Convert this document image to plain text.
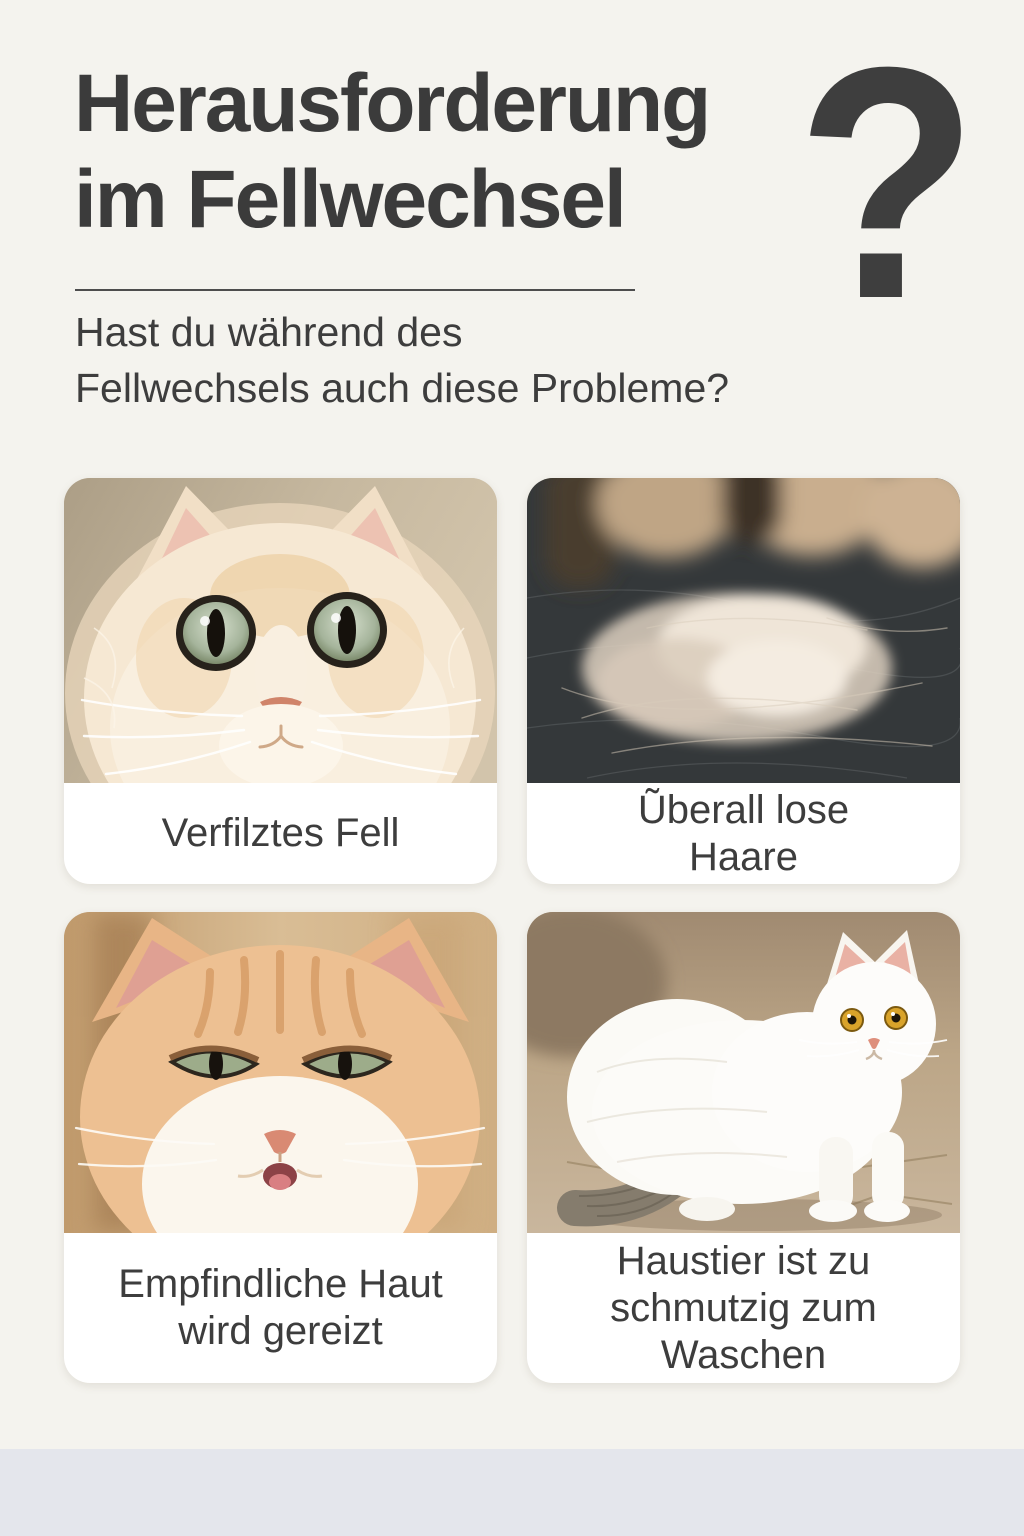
Herausforderung
im Fellwechsel ?
Hast du während des
Fellwechsels auch diese Probleme?
Verfilztes Fell
Ũberall lose
Haare
Empfindliche Haut
wird gereizt
Haustier ist zu
schmutzig zum
Waschen
